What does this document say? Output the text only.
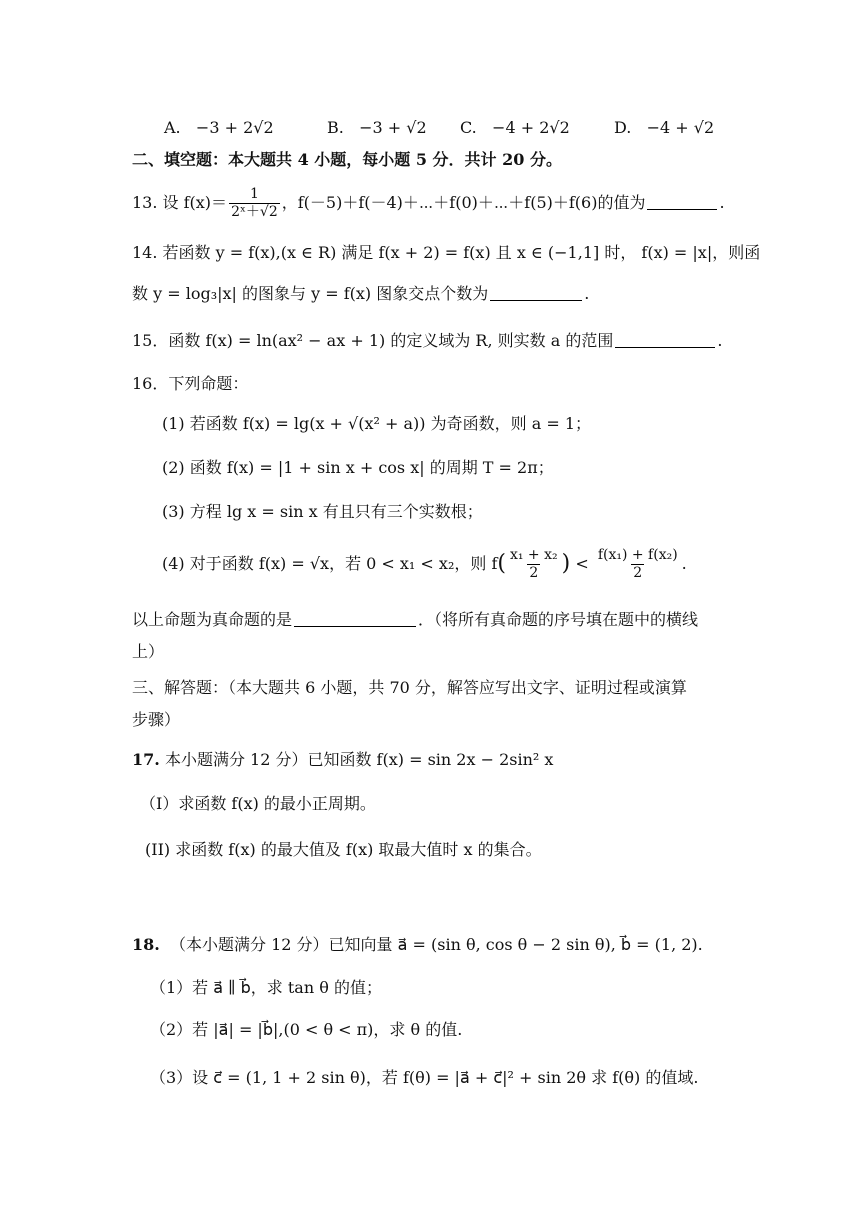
A. −3 + 2√2	B. −3 + √2 C. −4 + 2√2	D. −4 + √2
二、填空题：本大题共 4 小题，每小题 5 分．共计 20 分。
13. 设 $f(x)= \frac{1}{\text{2ˣ＋√2}}$ ，f(－5)＋f(－4)＋⋯＋f(0)＋⋯＋f(5)＋f(6)的值为	.
14. 若函数 y = f(x),(x ∈ R) 满足 f(x + 2) = f(x) 且 x ∈ (−1,1] 时， f(x) = |x|，则函
数 y = log₃|x| 的图象与 y = f(x) 图象交点个数为	.
15．函数 f(x) = ln(ax² − ax + 1) 的定义域为 R, 则实数 a 的范围	.
16．下列命题：
(1) 若函数 f(x) = lg(x + √(x² + a)) 为奇函数，则 a = 1；
(2) 函数 f(x) = |1 + sin x + cos x| 的周期 T = 2π；
(3) 方程 lg x = sin x 有且只有三个实数根；
(4) 对于函数 f(x) = √x，若 0 < x₁ < x₂，则 $f( \frac{\text{x₁ + x₂}}{2}$ ) < $\frac{\text{f(x₁) + f(x₂)}}{2}$ .
以上命题为真命题的是	．（将所有真命题的序号填在题中的横线
上）
三、解答题：（本大题共 6 小题，共 70 分，解答应写出文字、证明过程或演算
步骤）
17. 本小题满分 12 分）已知函数 f(x) = sin 2x − 2sin² x
（I）求函数 f(x) 的最小正周期。
(II) 求函数 f(x) 的最大值及 f(x) 取最大值时 x 的集合。
18. （本小题满分 12 分）已知向量 a⃗ = (sin θ, cos θ − 2 sin θ), b⃗ = (1, 2).
（1）若 a⃗ ∥ b⃗，求 tan θ 的值；
（2）若 |a⃗| = |b⃗|,(0 < θ < π)，求 θ 的值.
（3）设 c⃗ = (1, 1 + 2 sin θ)，若 f(θ) = |a⃗ + c⃗|² + sin 2θ 求 f(θ) 的值域.
